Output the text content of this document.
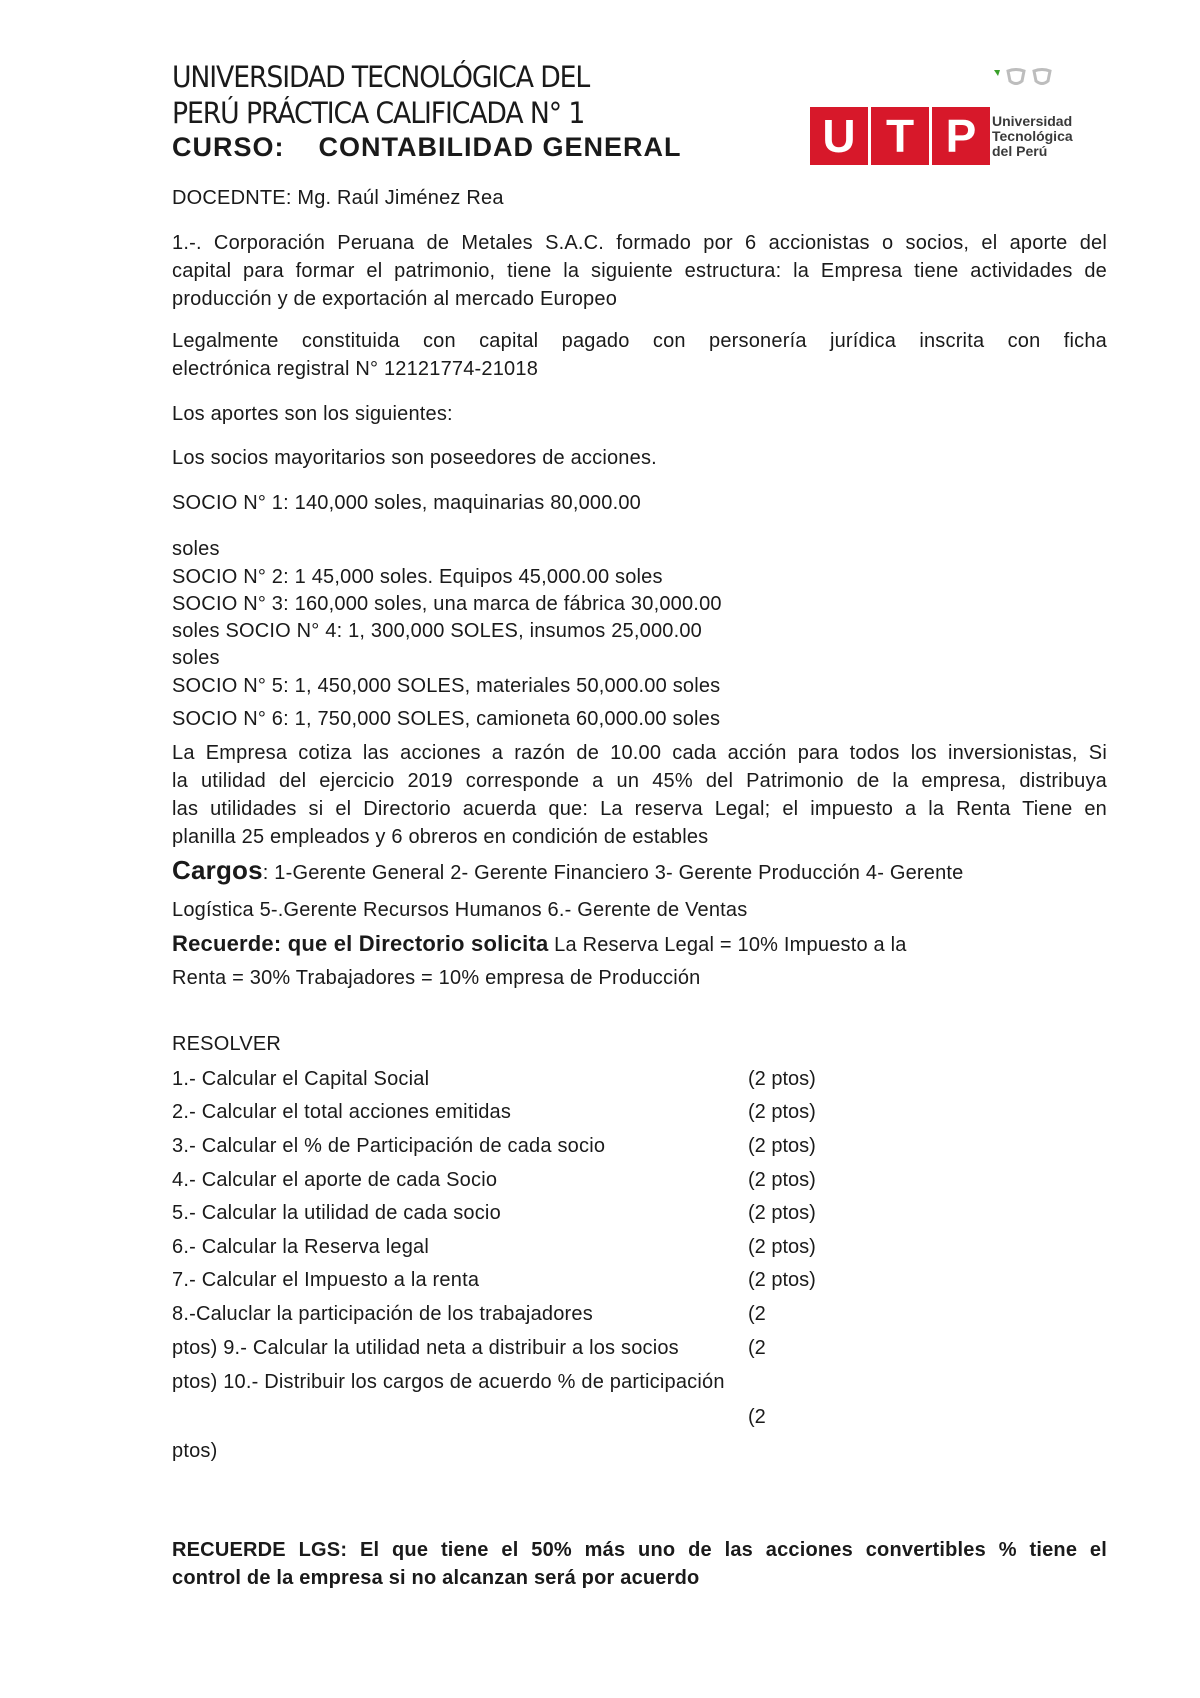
UNIVERSIDAD TECNOLÓGICA DEL
PERÚ PRÁCTICA CALIFICADA N° 1
CURSO: CONTABILIDAD GENERAL	U T P	Universidad
Tecnológica
del Perú
DOCEDNTE: Mg. Raúl Jiménez Rea
1.-. Corporación Peruana de Metales S.A.C. formado por 6 accionistas o socios, el aporte del
capital para formar el patrimonio, tiene la siguiente estructura: la Empresa tiene actividades de
producción y de exportación al mercado Europeo
Legalmente constituida con capital pagado con personería jurídica inscrita con ficha
electrónica registral N° 12121774-21018
Los aportes son los siguientes:
Los socios mayoritarios son poseedores de acciones.
SOCIO N° 1: 140,000 soles, maquinarias 80,000.00
soles
SOCIO N° 2: 1 45,000 soles. Equipos 45,000.00 soles
SOCIO N° 3: 160,000 soles, una marca de fábrica 30,000.00
soles SOCIO N° 4: 1, 300,000 SOLES, insumos 25,000.00
soles
SOCIO N° 5: 1, 450,000 SOLES, materiales 50,000.00 soles
SOCIO N° 6: 1, 750,000 SOLES, camioneta 60,000.00 soles
La Empresa cotiza las acciones a razón de 10.00 cada acción para todos los inversionistas, Si
la utilidad del ejercicio 2019 corresponde a un 45% del Patrimonio de la empresa, distribuya
las utilidades si el Directorio acuerda que: La reserva Legal; el impuesto a la Renta Tiene en
planilla 25 empleados y 6 obreros en condición de estables
Cargos: 1-Gerente General 2- Gerente Financiero 3- Gerente Producción 4- Gerente
Logística 5-.Gerente Recursos Humanos 6.- Gerente de Ventas
Recuerde: que el Directorio solicita La Reserva Legal = 10% Impuesto a la
Renta = 30% Trabajadores = 10% empresa de Producción
RESOLVER
1.- Calcular el Capital Social	(2 ptos)
2.- Calcular el total acciones emitidas	(2 ptos)
3.- Calcular el % de Participación de cada socio	(2 ptos)
4.- Calcular el aporte de cada Socio	(2 ptos)
5.- Calcular la utilidad de cada socio	(2 ptos)
6.- Calcular la Reserva legal	(2 ptos)
7.- Calcular el Impuesto a la renta	(2 ptos)
8.-Caluclar la participación de los trabajadores	(2
ptos) 9.- Calcular la utilidad neta a distribuir a los socios	(2
ptos) 10.- Distribuir los cargos de acuerdo % de participación
(2
ptos)
RECUERDE LGS: El que tiene el 50% más uno de las acciones convertibles % tiene el
control de la empresa si no alcanzan será por acuerdo
